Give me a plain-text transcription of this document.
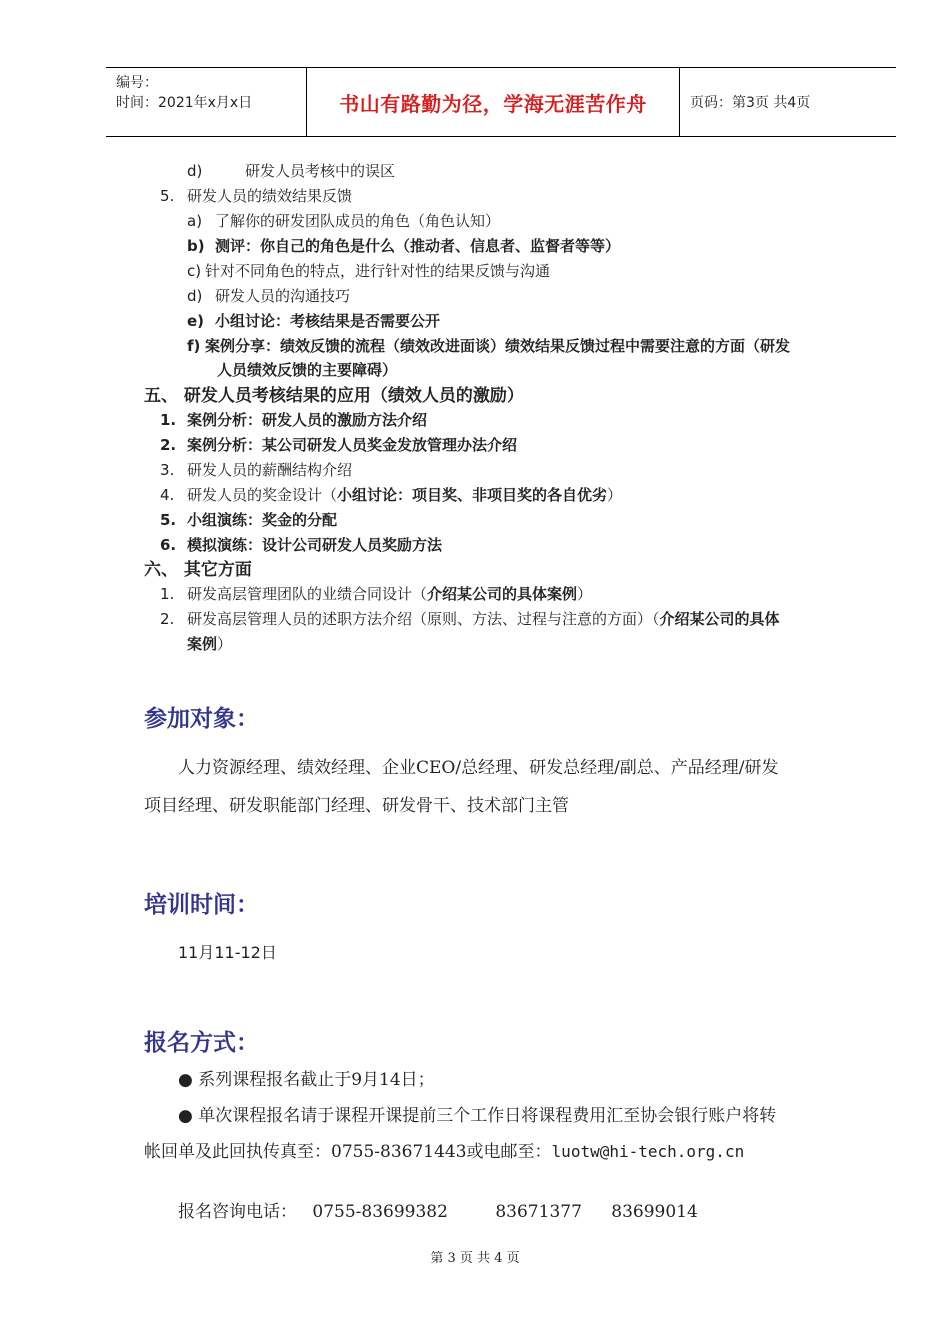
编号：
时间：2021年x月x日	书山有路勤为径，学海无涯苦作舟	页码：第3页 共4页
d)	研发人员考核中的误区
5. 研发人员的绩效结果反馈
a) 了解你的研发团队成员的角色（角色认知）
b) 测评：你自己的角色是什么（推动者、信息者、监督者等等）
c) 针对不同角色的特点，进行针对性的结果反馈与沟通
d) 研发人员的沟通技巧
e) 小组讨论：考核结果是否需要公开
f) 案例分享：绩效反馈的流程（绩效改进面谈）绩效结果反馈过程中需要注意的方面（研发
人员绩效反馈的主要障碍）
五、 研发人员考核结果的应用（绩效人员的激励）
1. 案例分析：研发人员的激励方法介绍
2. 案例分析：某公司研发人员奖金发放管理办法介绍
3. 研发人员的薪酬结构介绍
4. 研发人员的奖金设计（小组讨论：项目奖、非项目奖的各自优劣）
5. 小组演练：奖金的分配
6. 模拟演练：设计公司研发人员奖励方法
六、 其它方面
1. 研发高层管理团队的业绩合同设计（介绍某公司的具体案例）
2. 研发高层管理人员的述职方法介绍（原则、方法、过程与注意的方面）（介绍某公司的具体
案例）
参加对象：
人力资源经理、绩效经理、企业CEO/总经理、研发总经理/副总、产品经理/研发
项目经理、研发职能部门经理、研发骨干、技术部门主管
培训时间：
11月11-12日
报名方式：
● 系列课程报名截止于9月14日；
● 单次课程报名请于课程开课提前三个工作日将课程费用汇至协会银行账户将转
帐回单及此回执传真至：0755-83671443或电邮至：luotw@hi-tech.org.cn
报名咨询电话： 0755-83699382	83671377 83699014
第 3 页 共 4 页
